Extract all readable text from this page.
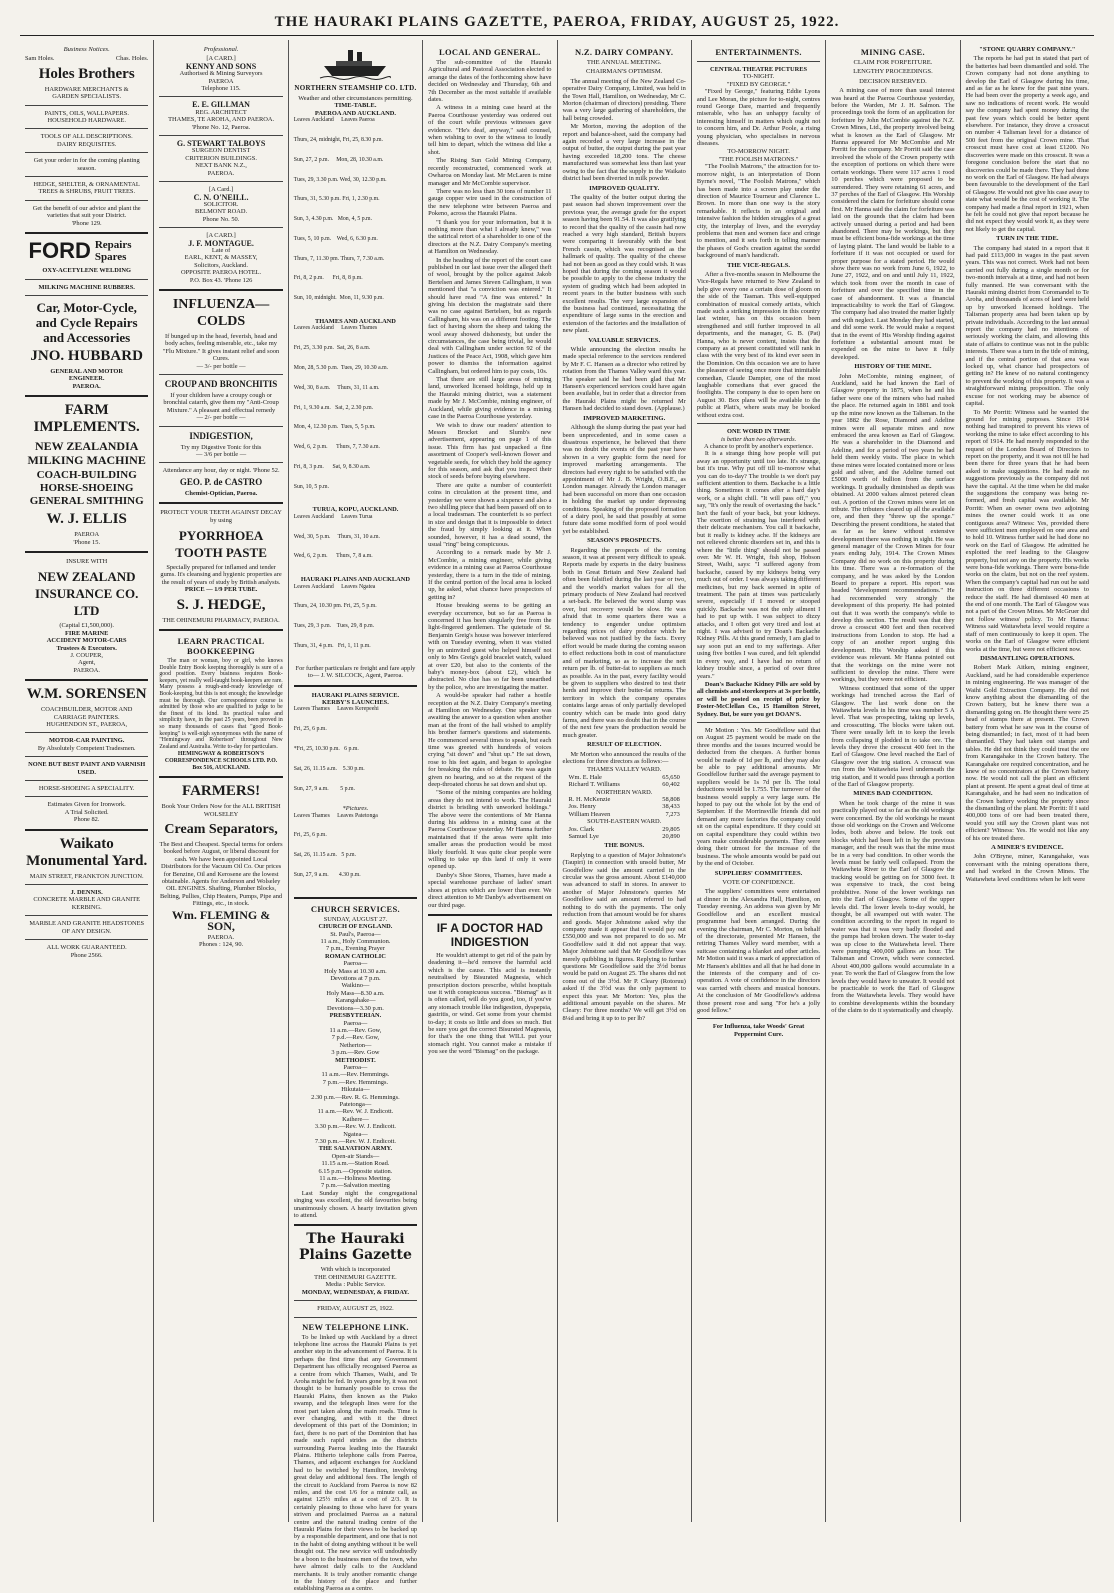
THE HAURAKI PLAINS GAZETTE, PAEROA, FRIDAY, AUGUST 25, 1922.
Business Notices.
Sam Holes.	Chas. Holes.
Holes Brothers
HARDWARE MERCHANTS &
GARDEN SPECIALISTS.
PAINTS, OILS, WALLPAPERS.
HOUSEHOLD HARDWARE.
TOOLS OF ALL DESCRIPTIONS.
DAIRY REQUISITES.
Get your order in for the coming planting season.
HEDGE, SHELTER, & ORNAMENTAL TREES & SHRUBS, FRUIT TREES.
Get the benefit of our advice and plant the varieties that suit your District.
'Phone 129.
FORD Repairs Spares
OXY-ACETYLENE WELDING
MILKING MACHINE RUBBERS.
Car, Motor-Cycle, and Cycle Repairs and Accessories
JNO. HUBBARD
GENERAL AND MOTOR
ENGINEER.
PAEROA.
FARM IMPLEMENTS.
NEW ZEALANDIA MILKING MACHINE
COACH-BUILDING HORSE-SHOEING GENERAL SMITHING
W. J. ELLIS
PAEROA
'Phone 15.
INSURE WITH
NEW ZEALAND INSURANCE CO. LTD
(Capital £1,500,000).
FIRE MARINE
ACCIDENT MOTOR-CARS
Trustees & Executors.
J. COUPER,
Agent,
PAEROA.
W.M. SORENSEN
COACHBUILDER, MOTOR AND CARRIAGE PAINTERS.
HUGHENDON ST., PAEROA,
MOTOR-CAR PAINTING.
By Absolutely Competent Tradesmen.
NONE BUT BEST PAINT AND VARNISH USED.
HORSE-SHOEING A SPECIALITY.
Estimates Given for Ironwork.
A Trial Solicited.
Phone 82.
Waikato Monumental Yard.
MAIN STREET, FRANKTON JUNCTION.
J. DENNIS.
CONCRETE MARBLE AND GRANITE KERBING.
MARBLE AND GRANITE HEADSTONES OF ANY DESIGN.
ALL WORK GUARANTEED.
Phone 2566.
Professional.
[A CARD.]
KENNY AND SONS
Authorised & Mining Surveyors
PAEROA
Telephone 115.
E. E. GILLMAN
REG. ARCHITECT
THAMES, TE AROHA, AND PAEROA.
'Phone No. 12, Paeroa.
G. STEWART TALBOYS
SURGEON DENTIST
CRITERION BUILDINGS.
NEXT BANK N.Z.,
PAEROA.
[A Card.]
C. N. O'NEILL.
SOLICITOR.
BELMONT ROAD.
Phone No. 50.
[A CARD.]
J. F. MONTAGUE.
Late of
EARL, KENT, & MASSEY,
Solicitors, Auckland.
OPPOSITE PAEROA HOTEL.
P.O. Box 43. 'Phone 126
INFLUENZA—COLDS
If bunged up in the head, feverish, head and body aches, feeling miserable, etc., take my "Flu Mixture." It gives instant relief and soon Cures.
— 3/- per bottle —
CROUP AND BRONCHITIS
If your children have a croupy cough or bronchial catarrh, give them my "Anti-Croup Mixture." A pleasant and effectual remedy
— 2/- per bottle —
INDIGESTION,
Try my Digestive Tonic for this
— 3/6 per bottle —
Attendance any hour, day or night. 'Phone 52.
GEO. P. de CASTRO
Chemist-Optician, Paeroa.
PROTECT YOUR TEETH AGAINST DECAY by using
PYORRHOEA TOOTH PASTE
Specially prepared for inflamed and tender gums. It's cleansing and hygienic properties are the result of years of study by British analysts.
PRICE — 1/9 PER TUBE.
S. J. HEDGE,
THE OHINEMURI PHARMACY, PAEROA.
LEARN PRACTICAL BOOKKEEPING

The man or woman, boy or girl, who knows Double Entry Book keeping thoroughly is sure of a good position. Every business requires Book-keepers, yet really well-taught book-keepers are rare. Many possess a rough-and-ready knowledge of Book-keeping, but this is not enough; the knowledge must be thorough. Our correspondence course is admitted by those who are qualified to judge to be the finest of its kind. Its practical value and simplicity have, in the past 25 years, been proved in so many thousands of cases that "good Book-keeping" is well-nigh synonymous with the name of "Hemingway and Robertson" throughout New Zealand and Australia. Write to-day for particulars.

HEMINGWAY & ROBERTSON'S CORRESPONDENCE SCHOOLS LTD. P.O. Box 516, AUCKLAND.
FARMERS!
Book Your Orders Now for the ALL BRITISH WOLSELEY
Cream Separators,
The Best and Cheapest. Special terms for orders booked before August, or liberal discount for cash. We have been appointed Local Distributors for the Vacuum Oil Co. Our prices for Benzine, Oil and Kerosene are the lowest obtainable. Agents for Anderson and Wolseley OIL ENGINES. Shafting, Plumber Blocks, Belting, Pullies, Chip Heaters, Pumps, Pipe and Fittings, etc., in stock.
Wm. FLEMING & SON,
PAEROA.
Phones : 124, 90.
NORTHERN STEAMSHIP CO. LTD.
Weather and other circumstances permitting.
TIME-TABLE.
PAEROA AND AUCKLAND.
Leaves Auckland     Leaves Paeroa

Thurs, 24, midnight, Fri, 25, 8.30 p.m.

Sun, 27, 2 p.m.     Mon, 28, 10.30 a.m.

Tues, 29, 3.30 p.m. Wed, 30, 12.30 p.m.

Thurs, 31, 5.30 p.m. Fri, 1, 2.30 p.m.

Sun, 3, 4.30 p.m.   Mon, 4, 5 p.m.

Tues, 5, 10 p.m.    Wed, 6, 6.30 p.m.

Thurs, 7, 11.30 pm. Thurs, 7, 7.30 a.m.

Fri, 8, 2 p.m.      Fri, 8, 8 p.m.

Sun, 10, midnight.  Mon, 11, 9.30 p.m.

THAMES AND AUCKLAND
Leaves Auckland     Leaves Thames

Fri, 25, 3.30 p.m.  Sat, 26, 8 a.m.

Mon, 28, 5.30 p.m.  Tues, 29, 10.30 a.m.

Wed, 30, 8 a.m.     Thurs, 31, 11 a.m.

Fri, 1, 9.30 a.m.   Sat, 2, 2.30 p.m.

Mon, 4, 12.30 p.m.  Tues, 5, 5 p.m.

Wed, 6, 2 p.m.      Thurs, 7, 7.30 a.m.

Fri, 8, 3 p.m.      Sat, 9, 8.30 a.m.

Sun, 10, 5 p.m.

TURUA, KOPU, AUCKLAND.
Leaves Auckland     Leaves Turua

Wed, 30, 5 p.m.     Thurs, 31, 10 a.m.

Wed, 6, 2 p.m.      Thurs, 7, 8 a.m.

HAURAKI PLAINS AND AUCKLAND
Leaves Auckland     Leaves Ngatea

Thurs, 24, 10.30 pm. Fri, 25, 5 p.m.

Tues, 29, 3 p.m.    Tues, 29, 8 p.m.

Thurs, 31, 4 p.m.   Fri, 1, 11 p.m.

For further particulars re freight and fare apply to— J. W. SILCOCK, Agent, Paeroa.
HAURAKI PLAINS SERVICE.
KERBY'S LAUNCHES.
Leaves Thames     Leaves Kerepeehi

Fri, 25, 6 p.m.

*Fri, 25, 10.30 p.m.   6 p.m.

Sat, 26, 11.15 a.m.    5.30 p.m.

Sun, 27, 9 a.m.        5 p.m.

*Pictures.
Leaves Thames     Leaves Patetonga

Fri, 25, 6 p.m.

Sat, 26, 11.15 a.m.   5 p.m.

Sun, 27, 9 a.m.       4.30 p.m.

CHURCH SERVICES.
SUNDAY, AUGUST 27.
CHURCH OF ENGLAND.
St. Paul's, Paeroa—
11 a.m., Holy Communion.
7 p.m., Evening Prayer
ROMAN CATHOLIC
Paeroa—
Holy Mass at 10.30 a.m.
Devotions at 7 p.m.
Waikino—
Holy Mass—8.30 a.m.
Karangahake—
Devotions—3.30 p.m.
PRESBYTERIAN.
Paeroa—
11 a.m.—Rev. Gow,
7 p.d.—Rev. Gow,
Netherton—
3 p.m.—Rev. Gow
METHODIST.
Paeroa—
11 a.m.—Rev. Hemmings.
7 p.m.—Rev. Hemmings.
Hikutaia—
2.30 p.m.—Rev. R. G. Hemmings.
Patetonga—
11 a.m.—Rev. W. J. Endicott.
Kaihere—
3.30 p.m.—Rev. W. J. Endicott.
Ngatea—
7.30 p.m.—Rev. W. J. Endicott.
THE SALVATION ARMY.
Open-air Stands—
11.15 a.m.—Station Road.
6.15 p.m.—Opposite station.
11 a.m.—Holiness Meeting.
7 p.m.—Salvation meeting

Last Sunday night the congregational singing was excellent, the old favourites being unanimously chosen. A hearty invitation given to attend.

The Hauraki Plains Gazette
With which is incorporated
THE OHINEMURI GAZETTE.
Media : Public Service.
MONDAY, WEDNESDAY, & FRIDAY.
FRIDAY, AUGUST 25, 1922.
NEW TELEPHONE LINK.

To be linked up with Auckland by a direct telephone line across the Hauraki Plains is yet another step in the advancement of Paeroa. It is perhaps the first time that any Government Department has officially recognised Paeroa as a centre from which Thames, Waihi, and Te Aroha might be fed. In years gone by, it was not thought to be humanly possible to cross the Hauraki Plains, then known as the Piako swamp, and the telegraph lines were for the most part taken along the main roads. Time is ever changing, and with it the direct development of this part of the Dominion; in fact, there is no part of the Dominion that has made such rapid strides as the districts surrounding Paeroa leading into the Hauraki Plains. Hitherto telephone calls from Paeroa, Thames, and adjacent exchanges for Auckland had to be switched by Hamilton, involving great delay and additional fees. The length of the circuit to Auckland from Paeroa is now 82 miles, and the cost 1/6 for a minute call, as against 125½ miles at a cost of 2/3. It is certainly pleasing to those who have for years striven and proclaimed Paeroa as a natural centre and the natural trading centre of the Hauraki Plains for their views to be backed up by a responsible department, and one that is not in the habit of doing anything without it be well thought out. The new service will undoubtedly be a boon to the business men of the town, who have almost daily calls to the Auckland merchants. It is truly another romantic change in the history of the place and further establishing Paeroa as a centre.

LOCAL AND GENERAL.

The sub-committee of the Hauraki Agricultural and Pastoral Association elected to arrange the dates of the forthcoming show have decided on Wednesday and Thursday, 6th and 7th December as the most suitable if available dates.

A witness in a mining case heard at the Paeroa Courthouse yesterday was ordered out of the court while previous witnesses gave evidence. "He's deaf, anyway," said counsel, when wishing to over to the witness to loudly tell him to depart, which the witness did like a shot.

The Rising Sun Gold Mining Company, recently reconstructed, commenced work at Owharoa on Monday last. Mr McLaren is mine manager and Mr McCombie supervisor.

There was no less than 30 tons of number 11 gauge copper wire used in the construction of the new telephone wire between Paeroa and Pokeno, across the Hauraki Plains.

"I thank you for your information, but it is nothing more than what I already knew," was the satirical retort of a shareholder to one of the directors at the N.Z. Dairy Company's meeting at Hamilton on Wednesday.

In the heading of the report of the court case published in our last issue over the alleged theft of wool, brought by the police against Jakob Bertelsen and James Steven Callingham, it was mentioned that "a conviction was entered." It should have read "A fine was entered." In giving his decision the magistrate said there was no case against Bertelsen, but as regards Callingham, his was on a different footing. The fact of having shorn the sheep and taking the wool away showed dishonesty, but under the circumstances, the case being trivial, he would deal with Callingham under section 92 of the Justices of the Peace Act, 1908, which gave him power to dismiss the information against Callingham, but ordered him to pay costs, 10s.

That there are still large areas of mining land, unworked licensed holdings, held up in the Hauraki mining district, was a statement made by Mr J. McCombie, mining engineer, of Auckland, while giving evidence in a mining case in the Paeroa Courthouse yesterday.

We wish to draw our readers' attention to Messrs Brocket and Slumb's new advertisement, appearing on page 1 of this issue. This firm has just unpacked a fine assortment of Cooper's well-known flower and vegetable seeds, for which they hold the agency for this season, and ask that you inspect their stock of seeds before buying elsewhere.

There are quite a number of counterfeit coins in circulation at the present time, and yesterday we were shown a sixpence and also a two shilling piece that had been passed off on to a local tradesman. The counterfeit is so perfect in size and design that it is impossible to detect the fraud by simply looking at it. When sounded, however, it has a dead sound, the usual "ring" being conspicuous.

According to a remark made by Mr J. McCombie, a mining engineer, while giving evidence in a mining case at Paeroa Courthouse yesterday, there is a turn in the tide of mining. If the central portion of the local area is locked up, he asked, what chance have prospectors of getting in?

House breaking seems to be getting an everyday occurrence, but so far as Paeroa is concerned it has been singularly free from the light-fingered gentlemen. The quietude of St. Benjamin Greig's house was however interfered with on Tuesday evening, when it was visited by an uninvited guest who helped himself not only to Mrs Greig's gold bracelet watch, valued at over £20, but also to the contents of the baby's money-box (about £2), which he abstracted. No clue has so far been unearthed by the police, who are investigating the matter.

A would-be speaker had rather a hostile reception at the N.Z. Dairy Company's meeting at Hamilton on Wednesday. One speaker was awaiting the answer to a question when another man at the front of the hall wished to amplify his brother farmer's questions and statements. He commenced several times to speak, but each time was greeted with hundreds of voices crying "sit down" and "shut up." He sat down, rose to his feet again, and began to apologise for breaking the rules of debate. He was again given no hearing, and so at the request of the deep-throated chorus he sat down and shut up.

"Some of the mining companies are holding areas they do not intend to work. The Hauraki district is bristling with unworked holdings." The above were the contentions of Mr Hanna during his address in a mining case at the Paeroa Courthouse yesterday. Mr Hanna further maintained that if the areas were split into smaller areas the production would be most likely fourfold. It was quite clear people were willing to take up this land if only it were opened up.

Danby's Shoe Stores, Thames, have made a special warehouse purchase of ladies' smart shoes at prices which are lower than ever. We direct attention to Mr Danby's advertisement on our third page.

IF A DOCTOR HAD INDIGESTION

He wouldn't attempt to get rid of the pain by deadening it—he'd remove the harmful acid which is the cause. This acid is instantly neutralised by Bisurated Magnesia, which prescription doctors prescribe, whilst hospitals use it with conspicuous success. "Bismag" as it is often called, will do you good, too, if you've any stomach trouble like indigestion, dyspepsia, gastritis, or wind. Get some from your chemist to-day; it costs so little and does so much. But be sure you get the correct Bisurated Magnesia, for that's the one thing that WILL put your stomach right. You cannot make a mistake if you see the word "Bismag" on the package.

N.Z. DAIRY COMPANY.
THE ANNUAL MEETING.
CHAIRMAN'S OPTIMISM.

The annual meeting of the New Zealand Co-operative Dairy Company, Limited, was held in the Town Hall, Hamilton, on Wednesday, Mr C. Morton (chairman of directors) presiding. There was a very large gathering of shareholders, the hall being crowded.

Mr Morton, moving the adoption of the report and balance-sheet, said the company had again recorded a very large increase in the output of butter, the output during the past year having exceeded 18,200 tons. The cheese manufactured was somewhat less than last year owing to the fact that the supply in the Waikato district had been diverted in milk powder.

IMPROVED QUALITY.

The quality of the butter output during the past season had shown improvement over the previous year, the average grade for the export season having been 91.54. It was also gratifying to record that the quality of the cassin had now reached a very high standard, British buyers were comparing it favourably with the best French cassin, which was recognised as the hallmark of quality. The quality of the cheese had not been as good as they could wish. It was hoped that during the coming season it would be possible to apply to the cheese industry the system of grading which had been adopted in recent years in the butter business with such excellent results. The very large expansion of the business had continued, necessitating the expenditure of large sums in the erection and extension of the factories and the installation of new plant.

VALUABLE SERVICES.

While announcing the election results he made special reference to the services rendered by Mr F. C. Hansen as a director who retired by rotation from the Thames Valley ward this year. The speaker said he had been glad that Mr Hansen's experienced services could have again been available, but in order that a director from the Hauraki Plains might be returned Mr Hansen had decided to stand down. (Applause.)

IMPROVED MARKETING.

Although the slump during the past year had been unprecedented, and in some cases a disastrous experience, he believed that there was no doubt the events of the past year have shown in a very graphic form the need for improved marketing arrangements. The directors had every right to be satisfied with the appointment of Mr J. B. Wright, O.B.E., as London manager. Already the London manager had been successful on more than one occasion in holding the market up under depressing conditions. Speaking of the proposed formation of a dairy pool, he said that possibly at some future date some modified form of pool would yet be established.

SEASON'S PROSPECTS.

Regarding the prospects of the coming season, it was at present very difficult to speak. Reports made by experts in the dairy business both in Great Britain and New Zealand had often been falsified during the last year or two, and the world's market values for all the primary products of New Zealand had received a set-back. He believed the worst slump was over, but recovery would be slow. He was afraid that in some quarters there was a tendency to engender undue optimism regarding prices of dairy produce which he believed was not justified by the facts. Every effort would be made during the coming season to effect reductions both in cost of manufacture and of marketing, so as to increase the nett return per lb. of butter-fat to suppliers as much as possible. As in the past, every facility would be given to suppliers who desired to test their herds and improve their butter-fat returns. The territory in which the company operates contains large areas of only partially developed country which can be made into good dairy farms, and there was no doubt that in the course of the next few years the production would be much greater.

RESULT OF ELECTION.

Mr Morton who announced the results of the elections for three directors as follows:—

THAMES VALLEY WARD.
Wm. E. Hale	65,650
Richard T. Williams	60,402
NORTHERN WARD.
R. H. McKenzie	58,808
Jos. Henry	38,433
William Heaven	7,273
SOUTH-EASTERN WARD.
Jos. Clark	29,805
Samuel Lye	20,890
THE BONUS.

Replying to a question of Major Johnstone's (Taupiri) in connection with unsold butter, Mr Goodfellow said the amount carried in the circular was the gross amount. About £140,000 was advanced to staff in stores. In answer to another of Major Johnstone's queries Mr Goodfellow said an amount referred to had nothing to do with the payments. The only reduction from that amount would be for shares and goods. Major Johnstone asked why the company made it appear that it would pay out £550,000 and was not prepared to do so. Mr Goodfellow said it did not appear that way. Major Johnstone said that Mr Goodfellow was merely quibbling in figures. Replying to further questions Mr Goodfellow said the 3½d bonus would be paid on August 25. The shares did not come out of the 3½d. Mr P. Cleary (Rotoruu) asked if the 3½d was the only payment to expect this year. Mr Morton: Yes, plus the additional amount payable on the shares. Mr Cleary: For three months? We will get 3½d on 8¼d and bring it up to to per lb?

ENTERTAINMENTS.
CENTRAL THEATRE PICTURES
TO-NIGHT.
"FIXED BY GEORGE."

"Fixed by George," featuring Eddie Lyons and Lee Moran, the picture for to-night, centres round George Dare, married and frequently miserable, who has an unhappy faculty of interesting himself in matters which ought not to concern him, and Dr. Arthur Poole, a rising young physician, who specialises in nervous diseases.

TO-MORROW NIGHT.
"THE FOOLISH MATRONS."

"The Foolish Matrons," the attraction for to-morrow night, is an interpretation of Donn Byrne's novel, "The Foolish Matrons," which has been made into a screen play under the direction of Maurice Tourneur and Clarence L. Brown. In more than one way is the story remarkable. It reflects in an original and intensive fashion the hidden struggles of a great city, the interplay of lives, and the everyday problems that men and women face and cringe to mention, and it sets forth in telling manner the phases of God's creation against the sordid background of man's handicraft.

THE VICE-REGALS.

After a five-months season in Melbourne the Vice-Regals have returned to New Zealand to help give every one a certain dose of gloom on the side of the Tasman. This well-equipped combination of musical comedy artists, which made such a striking impression in this country last winter, has on this occasion been strengthened and still further improved in all departments, and the manager, G. B. (Pat) Hanna, who is never content, insists that the company as at present constituted will rank in class with the very best of its kind ever seen in the Dominion. On this occasion we are to have the pleasure of seeing once more that inimitable comedian, Claude Dampier, one of the most laughable comedians that ever graced the footlights. The company is due to open here on August 30. Box plans will be available to the public at Platt's, where seats may be booked without extra cost.

ONE WORD IN TIME
is better than two afterwards.
A chance to profit by another's experience.

It is a strange thing how people will put away an opportunity until too late. It's strange, but it's true. Why put off till to-morrow what you can do to-day? The trouble is we don't pay sufficient attention to them. Backache is a little thing. Sometimes it comes after a hard day's work, or a slight chill. "It will pass off," you say, "It's only the result of overtaxing the back." Isn't the fault of your back, but your kidneys. The exertion of straining has interfered with their delicate mechanism. You call it backache, but it really is kidney ache. If the kidneys are not relieved chronic disorders set in, and this is where the "little thing" should not be passed over. Mr W. H. Wright, fish shop, Hobson Street, Waihi, says: "I suffered agony from backache, caused by my kidneys being very much out of order. I was always taking different medicines, but my back seemed in spite of treatment. The pain at times was particularly severe, especially if I moved or stooped quickly. Backache was not the only ailment I had to put up with. I was subject to dizzy attacks, and I often got very tired and lost at night. I was advised to try Doan's Backache Kidney Pills. At this grand remedy, I am glad to say soon put an end to my sufferings. After using five bottles I was cured, and felt splendid in every way, and I have had no return of kidney trouble since, a period of over three years."

Doan's Backache Kidney Pills are sold by all chemists and storekeepers at 3s per bottle, or will be posted on receipt of price by Foster-McClellan Co., 15 Hamilton Street, Sydney. But, be sure you get DOAN'S.

Mr Motion : Yes. Mr Goodfellow said that on August 25 payment would be made on the three months and the issues incurred would be deducted from the cheques. A further bonus would be made of 1d per lb, and they may also be able to pay additional amounts. Mr Goodfellow further said the average payment to suppliers would be 1s 7d per lb. The total deductions would be 1.755. The turnover of the business would supply a very large sum. He hoped to pay out the whole lot by the end of September. If the Morrinsville friends did not demand any more factories the company could sit on the capital expenditure. If they could sit on capital expenditure they could within two years make considerable payments. They were doing their utmost for the increase of the business. The whole amounts would be paid out by the end of October.

SUPPLIERS' COMMITTEES.
VOTE OF CONFIDENCE.

The suppliers' committees were entertained at dinner in the Alexandra Hall, Hamilton, on Tuesday evening. An address was given by Mr Goodfellow and an excellent musical programme had been arranged. During the evening the chairman, Mr C. Morton, on behalf of the directorate, presented Mr Hansen, the retiring Thames Valley ward member, with a suitcase containing a blanket and other articles. Mr Motion said it was a mark of appreciation of Mr Hansen's abilities and all that he had done in the interests of the company and of co-operation. A vote of confidence in the directors was carried with cheers and musical honours. At the conclusion of Mr Goodfellow's address those present rose and sang "For he's a jolly good fellow."

For Influenza, take Woods' Great Peppermint Cure.
MINING CASE.
CLAIM FOR FORFEITURE.
LENGTHY PROCEEDINGS.
DECISION RESERVED.

A mining case of more than usual interest was heard at the Paeroa Courthouse yesterday, before the Warden, Mr J. H. Salmon. The proceedings took the form of an application for forfeiture by John McCombie against the N.Z. Crown Mines, Ltd., the property involved being what is known as the Earl of Glasgow. Mr Hanna appeared for Mr McCombie and Mr Porritt for the company. Mr Porritt said the case involved the whole of the Crown property with the exception of portions on which there were certain workings. There were 117 acres 1 rood 10 perches which were proposed to be surrendered. They were retaining 61 acres, and 37 perches of the Earl of Glasgow. His Worship considered the claim for forfeiture should come first. Mr Hanna said the claim for forfeiture was laid on the grounds that the claim had been actively unused during a period and had been abandoned. There may be workings, but they must be efficient bona-fide workings at the time of laying plaint. The land would be liable to a forfeiture if it was not occupied or used for proper purpose for a stated period. He would show there was no work from June 6, 1922, to June 27, 1922, and on and until July 11, 1922, which took from over the month in case of forfeiture and over the specified time in the case of abandonment. It was a financial impracticability to work the Earl of Glasgow. The company had also treated the matter lightly and with neglect. Last Monday they had started, and did some work. He would make a request that in the event of His Worship finding against forfeiture a substantial amount must be expended on the mine to have it fully developed.

HISTORY OF THE MINE.

John McCombie, mining engineer, of Auckland, said he had known the Earl of Glasgow property in 1875, when he and his father were one of the miners who had rushed the place. He returned again in 1881 and took up the mine now known as the Talisman. In the year 1882 the Rose, Diamond and Adeline mines were all separate mines and now embraced the area known as Earl of Glasgow. He was a shareholder in the Diamond and Adeline, and for a period of two years he had held them weekly visits. The place in which these mines were located contained more or less gold and silver, and the Adeline turned out £5000 worth of bullion from the surface workings. It gradually diminished as depth was obtained. At 2000 values almost petered clean out. A portion of the Crown mines were let on tribute. The tributers cleared up all the available ore, and then they "threw up the sponge." Describing the present conditions, he stated that as far as he knew without extensive development there was nothing in sight. He was general manager of the Crown Mines for four years ending July, 1914. The Crown Mines Company did no work on this property during his time. There was a re-formation of the company, and he was asked by the London Board to prepare a report. His report was headed "development recommendations." He had recommended very strongly the development of this property. He had pointed out that it was worth the company's while to develop this section. The result was that they drove a crosscut 400 feet and then received instructions from London to stop. He had a copy of an another report urging this development. His Worship asked if this evidence was relevant. Mr Hanna pointed out that the workings on the mine were not sufficient to develop the mine. There were workings, but they were not efficient.

Witness continued that some of the upper workings had trenched across the Earl of Glasgow. The last work done on the Waitawheta levels in his time was number 5 A level. That was prospecting, taking up levels, and crosscutting. The blocks were taken out. There were usually left in to keep the levels from collapsing if plodded in to take ore. The levels they drove the crosscut 400 feet in the Earl of Glasgow. One level reached the Earl of Glasgow over the trig station. A crosscut was run from the Waitawheta level underneath the trig station, and it would pass through a portion of the Earl of Glasgow property.

MINES BAD CONDITION.

When he took charge of the mine it was practically played out so far as the old workings were concerned. By the old workings he meant those old workings on the Crown and Welcome lodes, both above and below. He took out blocks which had been left in by the previous manager, and the result was that the mine must be in a very bad condition. In other words the levels must be fairly well collapsed. From the Waitawheta River to the Earl of Glasgow the tracking would be getting on for 3000 feet. It was expensive to track, the cost being prohibitive. None of the lower workings ran into the Earl of Glasgow. Some of the upper levels did. The lower levels to-day would, he thought, be all swamped out with water. The condition according to the report in regard to water was that it was very badly flooded and the pumps had broken down. The water to-day was up close to the Waitawheta level. There were pumping 400,000 gallons an hour. The Talisman and Crown, which were connected. About 400,000 gallons would accumulate in a year. To work the Earl of Glasgow from the low levels they would have to unwater. It would not be practicable to work the Earl of Glasgow from the Waitawheta levels. They would have to combine developments within the boundary of the claim to do it systematically and cheaply.

"STONE QUARRY COMPANY."

The reports he had put in stated that part of the batteries had been dismantled and sold. The Crown company had not done anything to develop the Earl of Glasgow during his time, and as far as he knew for the past nine years. He had been over the property a week ago, and saw no indications of recent work. He would say the company had spent money during the past few years which could be better spent elsewhere. For instance, they drove a crosscut on number 4 Talisman level for a distance of 500 feet from the original Crown mine. That crosscut must have cost at least £1200. No discoveries were made on this crosscut. It was a foregone conclusion before the start that no discoveries could be made there. They had done no work on the Earl of Glasgow. He had always been favourable to the development of the Earl of Glasgow. He would not give his case away to state what would be the cost of working it. The company had made a final report in 1921, when he felt he could not give that report because he did not expect they would work it, as they were not likely to get the capital.

TURN IN THE TIDE.

The company had stated in a report that it had paid £113,000 in wages in the past seven years. This was not correct. Work had not been carried out fully during a single month or for two-month intervals at a time, and had not been fully manned. He was conversant with the Hauraki mining district from Coromandel to Te Aroha, and thousands of acres of land were held up by unworked licensed holdings. The Talisman property area had been taken up by private individuals. According to the last annual report the company had no intentions of seriously working the claim, and allowing this state of affairs to continue was not in the public interests. There was a turn in the tide of mining, and if the central portion of that area was locked up, what chance had prospectors of getting in? He knew of no natural contingency to prevent the working of this property. It was a straightforward mining proposition. The only excuse for not working may be absence of capital.

To Mr Porritt: Witness said he wanted the ground for mining purposes. Since 1914 nothing had transpired to prevent his views of working the mine to take effect according to his report of 1914. He had merely responded to the request of the London Board of Directors to report on the property, and it was not till he had been there for three years that he had been asked to make suggestions. He had made no suggestions previously as the company did not have the capital. At the time when he did make the suggestions the company was being re-formed, and fresh capital was available. Mr Porritt: When an owner owns two adjoining mines the owner could work it as one contiguous area? Witness: Yes, provided there were sufficient men employed on one area and to hold 10. Witness further said he had done no work on the Earl of Glasgow. He admitted he exploited the reef leading to the Glasgow property, but not any on the property. His works were bona-fide workings. There were bona-fide works on the claim, but not on the reef system. When the company's capital had run out he said instruction on three different occasions to reduce the staff. He had dismissed 40 men at the end of one month. The Earl of Glasgow was not a part of the Crown Mines. Mr McGruer did not follow witness' policy. To Mr Hanna: Witness said Waitawheta level would require a staff of men continuously to keep it open. The works on the Earl of Glasgow were efficient works at the time, but were not efficient now.

DISMANTLING OPERATIONS.

Robert Mark Aitken, mining engineer, Auckland, said he had considerable experience in mining engineering. He was manager of the Waihi Gold Extraction Company. He did not know anything about the dismantling of the Crown battery, but he knew there was a dismantling going on. He thought there were 25 head of stamps there at present. The Crown battery from what he saw was in the course of being dismantled; in fact, most of it had been dismantled. They had taken out stamps and tables. He did not think they could treat the ore from Karangahake in the Crown battery. The Karangahake ore required concentration, and he knew of no concentrators at the Crown battery now. He would not call the plant an efficient plant at present. He spent a great deal of time at Karangahake, and he had seen no indication of the Crown battery working the property since the dismantling of the plant. Mr Porritt: If I said 400,000 tons of ore had been treated there, would you still say the Crown plant was not efficient? Witness: Yes. He would not like any of his ore treated there.

A MINER'S EVIDENCE.

John O'Bryne, miner, Karangahake, was conversant with the mining operations there, and had worked in the Crown Mines. The Waitawheta level conditions when he left were
